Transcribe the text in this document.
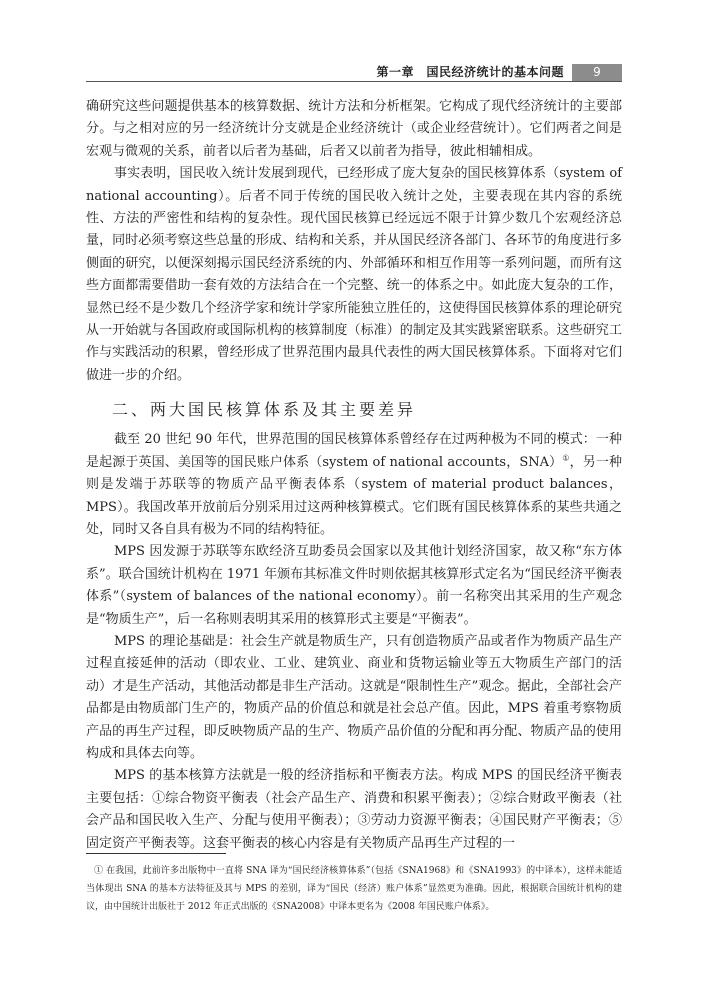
第一章　国民经济统计的基本问题	9

确研究这些问题提供基本的核算数据、统计方法和分析框架。它构成了现代经济统计的主要部分。与之相对应的另一经济统计分支就是企业经济统计（或企业经营统计）。它们两者之间是宏观与微观的关系，前者以后者为基础，后者又以前者为指导，彼此相辅相成。

事实表明，国民收入统计发展到现代，已经形成了庞大复杂的国民核算体系（system of national accounting）。后者不同于传统的国民收入统计之处，主要表现在其内容的系统性、方法的严密性和结构的复杂性。现代国民核算已经远远不限于计算少数几个宏观经济总量，同时必须考察这些总量的形成、结构和关系，并从国民经济各部门、各环节的角度进行多侧面的研究，以便深刻揭示国民经济系统的内、外部循环和相互作用等一系列问题，而所有这些方面都需要借助一套有效的方法结合在一个完整、统一的体系之中。如此庞大复杂的工作，显然已经不是少数几个经济学家和统计学家所能独立胜任的，这使得国民核算体系的理论研究从一开始就与各国政府或国际机构的核算制度（标准）的制定及其实践紧密联系。这些研究工作与实践活动的积累，曾经形成了世界范围内最具代表性的两大国民核算体系。下面将对它们做进一步的介绍。

二、两大国民核算体系及其主要差异

截至 20 世纪 90 年代，世界范围的国民核算体系曾经存在过两种极为不同的模式：一种是起源于英国、美国等的国民账户体系（system of national accounts，SNA）①，另一种则是发端于苏联等的物质产品平衡表体系（system of material product balances，MPS）。我国改革开放前后分别采用过这两种核算模式。它们既有国民核算体系的某些共通之处，同时又各自具有极为不同的结构特征。

MPS 因发源于苏联等东欧经济互助委员会国家以及其他计划经济国家，故又称“东方体系”。联合国统计机构在 1971 年颁布其标准文件时则依据其核算形式定名为“国民经济平衡表体系”（system of balances of the national economy）。前一名称突出其采用的生产观念是“物质生产”，后一名称则表明其采用的核算形式主要是“平衡表”。

MPS 的理论基础是：社会生产就是物质生产，只有创造物质产品或者作为物质产品生产过程直接延伸的活动（即农业、工业、建筑业、商业和货物运输业等五大物质生产部门的活动）才是生产活动，其他活动都是非生产活动。这就是“限制性生产”观念。据此，全部社会产品都是由物质部门生产的，物质产品的价值总和就是社会总产值。因此，MPS 着重考察物质产品的再生产过程，即反映物质产品的生产、物质产品价值的分配和再分配、物质产品的使用构成和具体去向等。

MPS 的基本核算方法就是一般的经济指标和平衡表方法。构成 MPS 的国民经济平衡表主要包括：①综合物资平衡表（社会产品生产、消费和积累平衡表）；②综合财政平衡表（社会产品和国民收入生产、分配与使用平衡表）；③劳动力资源平衡表；④国民财产平衡表；⑤固定资产平衡表等。这套平衡表的核心内容是有关物质产品再生产过程的一

① 在我国，此前许多出版物中一直将 SNA 译为“国民经济核算体系”（包括《SNA1968》和《SNA1993》的中译本），这样未能适当体现出 SNA 的基本方法特征及其与 MPS 的差别，译为“国民（经济）账户体系”显然更为准确。因此，根据联合国统计机构的建议，由中国统计出版社于 2012 年正式出版的《SNA2008》中译本更名为《2008 年国民账户体系》。
